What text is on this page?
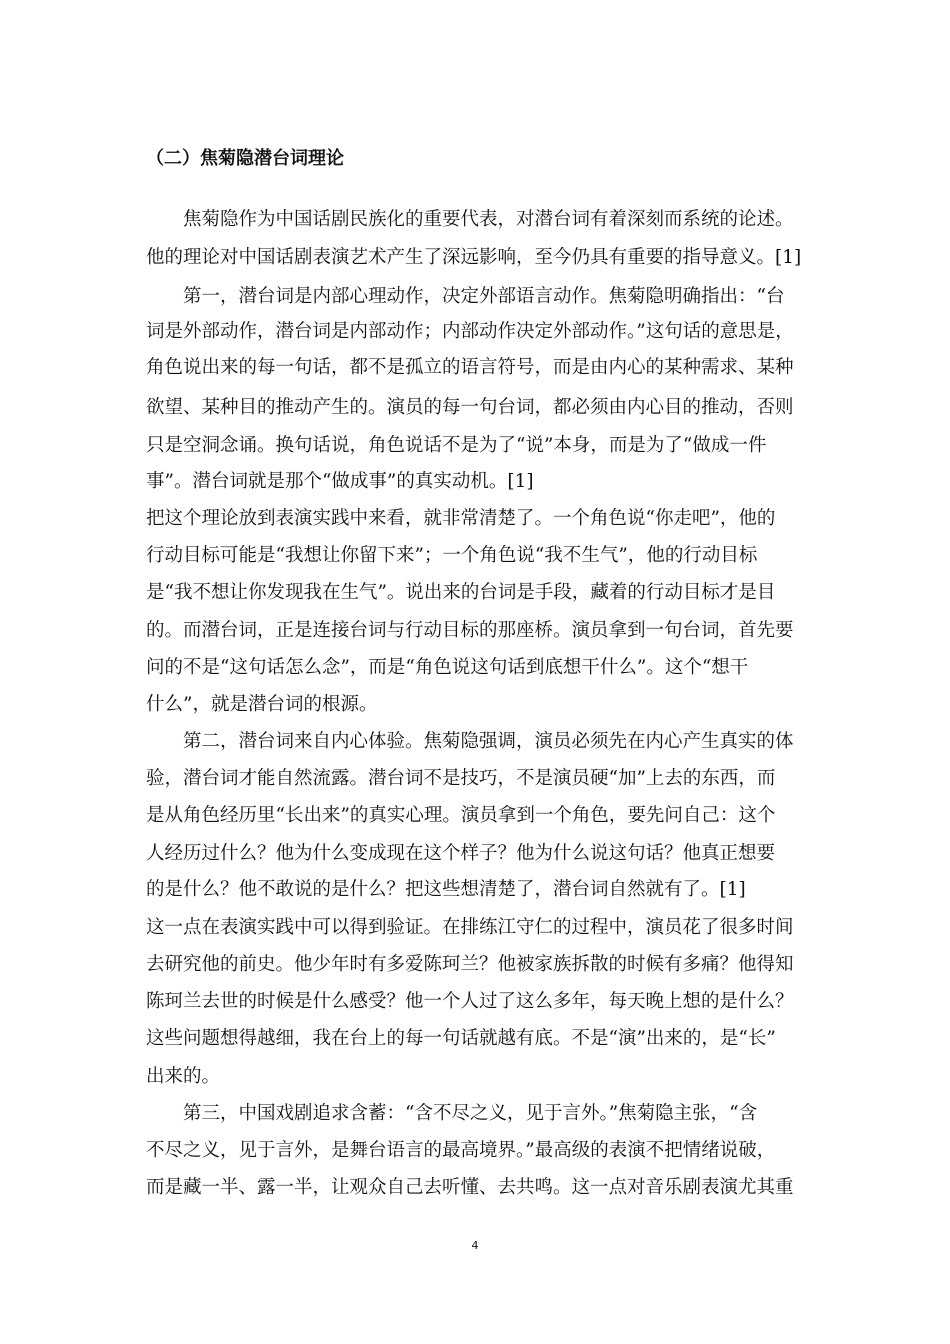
（二）焦菊隐潜台词理论
　　焦菊隐作为中国话剧民族化的重要代表，对潜台词有着深刻而系统的论述。
他的理论对中国话剧表演艺术产生了深远影响，至今仍具有重要的指导意义。[1]
　　第一，潜台词是内部心理动作，决定外部语言动作。焦菊隐明确指出：“台
词是外部动作，潜台词是内部动作；内部动作决定外部动作。”这句话的意思是，
角色说出来的每一句话，都不是孤立的语言符号，而是由内心的某种需求、某种
欲望、某种目的推动产生的。演员的每一句台词，都必须由内心目的推动，否则
只是空洞念诵。换句话说，角色说话不是为了“说”本身，而是为了“做成一件
事”。潜台词就是那个“做成事”的真实动机。[1]
把这个理论放到表演实践中来看，就非常清楚了。一个角色说“你走吧”，他的
行动目标可能是“我想让你留下来”；一个角色说“我不生气”，他的行动目标
是“我不想让你发现我在生气”。说出来的台词是手段，藏着的行动目标才是目
的。而潜台词，正是连接台词与行动目标的那座桥。演员拿到一句台词，首先要
问的不是“这句话怎么念”，而是“角色说这句话到底想干什么”。这个“想干
什么”，就是潜台词的根源。
　　第二，潜台词来自内心体验。焦菊隐强调，演员必须先在内心产生真实的体
验，潜台词才能自然流露。潜台词不是技巧，不是演员硬“加”上去的东西，而
是从角色经历里“长出来”的真实心理。演员拿到一个角色，要先问自己：这个
人经历过什么？他为什么变成现在这个样子？他为什么说这句话？他真正想要
的是什么？他不敢说的是什么？把这些想清楚了，潜台词自然就有了。[1]
这一点在表演实践中可以得到验证。在排练江守仁的过程中，演员花了很多时间
去研究他的前史。他少年时有多爱陈珂兰？他被家族拆散的时候有多痛？他得知
陈珂兰去世的时候是什么感受？他一个人过了这么多年，每天晚上想的是什么？
这些问题想得越细，我在台上的每一句话就越有底。不是“演”出来的，是“长”
出来的。
　　第三，中国戏剧追求含蓄：“含不尽之义，见于言外。”焦菊隐主张，“含
不尽之义，见于言外，是舞台语言的最高境界。”最高级的表演不把情绪说破，
而是藏一半、露一半，让观众自己去听懂、去共鸣。这一点对音乐剧表演尤其重
4
